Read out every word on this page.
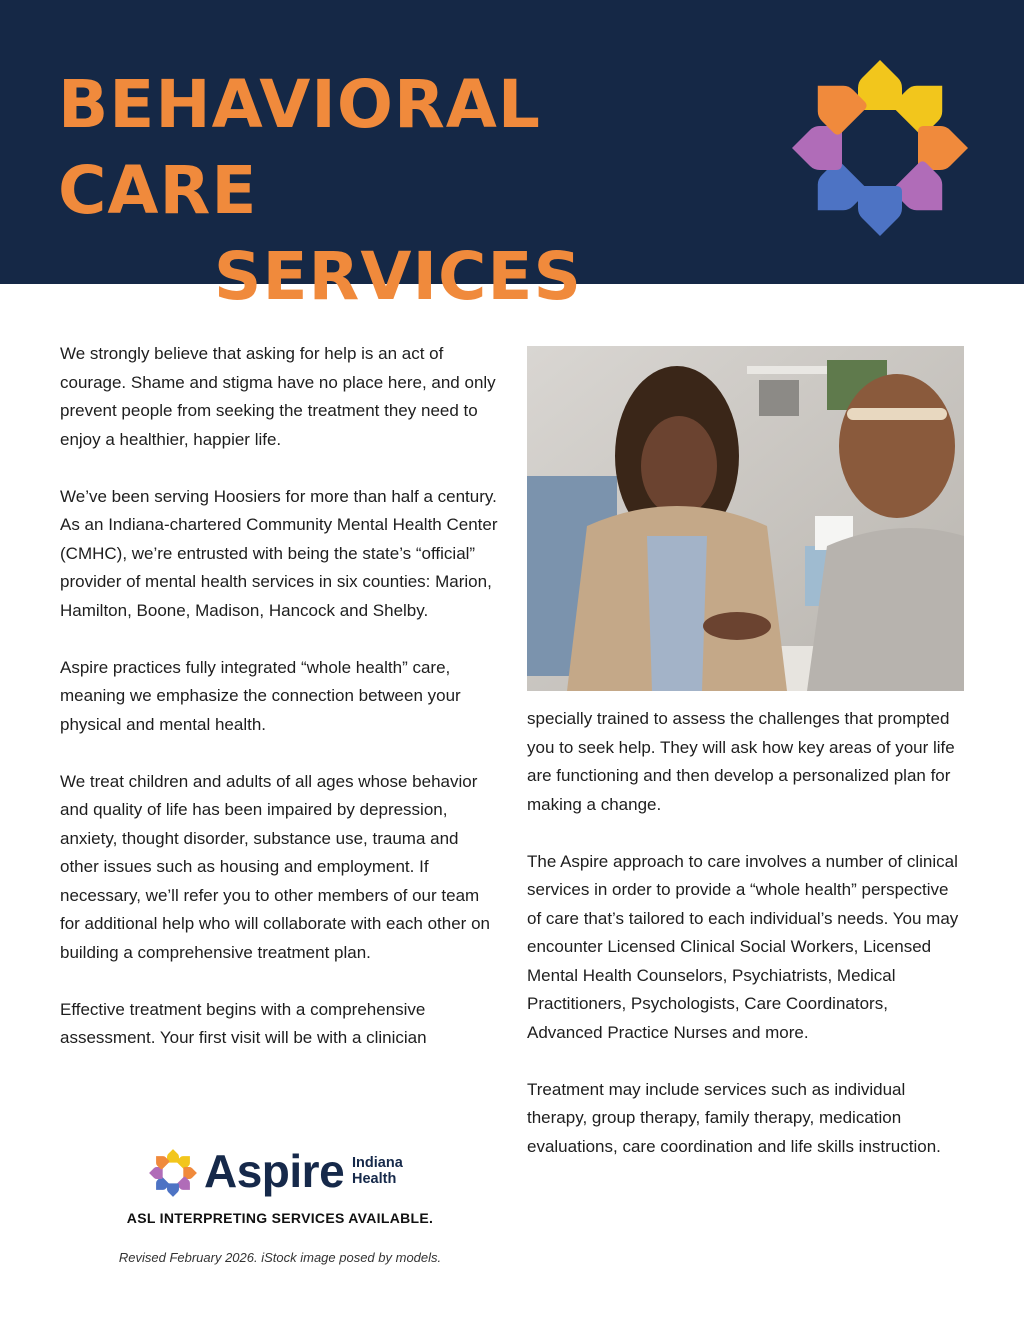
BEHAVIORAL CARE
SERVICES

We strongly believe that asking for help is an act of courage. Shame and stigma have no place here, and only prevent people from seeking the treatment they need to enjoy a healthier, happier life.

We’ve been serving Hoosiers for more than half a century. As an Indiana-chartered Community Mental Health Center (CMHC), we’re entrusted with being the state’s “official” provider of mental health services in six counties: Marion, Hamilton, Boone, Madison, Hancock and Shelby.

Aspire practices fully integrated “whole health” care, meaning we emphasize the connection between your physical and mental health.

We treat children and adults of all ages whose behavior and quality of life has been impaired by depression, anxiety, thought disorder, substance use, trauma and other issues such as housing and employment. If necessary, we’ll refer you to other members of our team for additional help who will collaborate with each other on building a comprehensive treatment plan.

Effective treatment begins with a comprehensive assessment. Your first visit will be with a clinician

specially trained to assess the challenges that prompted you to seek help. They will ask how key areas of your life are functioning and then develop a personalized plan for making a change.

The Aspire approach to care involves a number of clinical services in order to provide a “whole health” perspective of care that’s tailored to each individual’s needs. You may encounter Licensed Clinical Social Workers, Licensed Mental Health Counselors, Psychiatrists, Medical Practitioners, Psychologists, Care Coordinators, Advanced Practice Nurses and more.

Treatment may include services such as individual therapy, group therapy, family therapy, medication evaluations, care coordination and life skills instruction.

Aspire Indiana
Health
ASL INTERPRETING SERVICES AVAILABLE.
Revised February 2026. iStock image posed by models.
